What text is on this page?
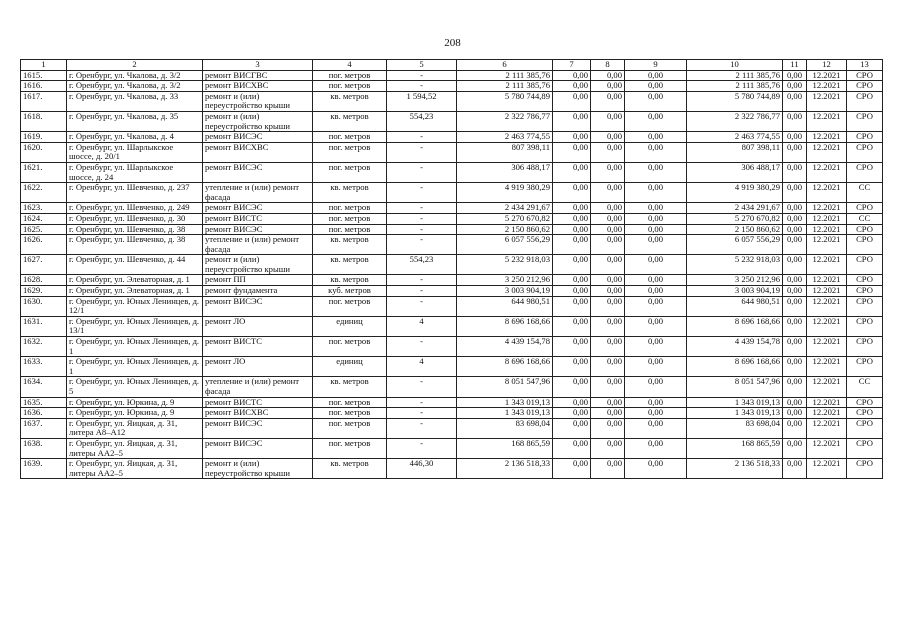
208
1	2	3	4	5	6	7	8	9	10	11	12	13
1615.	г. Оренбург, ул. Чкалова, д. 3/2	ремонт ВИСГВС	пог. метров	-	2 111 385,76	0,00	0,00	0,00	2 111 385,76	0,00	12.2021	СРО
1616.	г. Оренбург, ул. Чкалова, д. 3/2	ремонт ВИСХВС	пог. метров	-	2 111 385,76	0,00	0,00	0,00	2 111 385,76	0,00	12.2021	СРО
1617.	г. Оренбург, ул. Чкалова, д. 33	ремонт и (или) переустройство крыши	кв. метров	1 594,52	5 780 744,89	0,00	0,00	0,00	5 780 744,89	0,00	12.2021	СРО
1618.	г. Оренбург, ул. Чкалова, д. 35	ремонт и (или) переустройство крыши	кв. метров	554,23	2 322 786,77	0,00	0,00	0,00	2 322 786,77	0,00	12.2021	СРО
1619.	г. Оренбург, ул. Чкалова, д. 4	ремонт ВИСЭС	пог. метров	-	2 463 774,55	0,00	0,00	0,00	2 463 774,55	0,00	12.2021	СРО
1620.	г. Оренбург, ул. Шарлыкское шоссе, д. 20/1	ремонт ВИСХВС	пог. метров	-	807 398,11	0,00	0,00	0,00	807 398,11	0,00	12.2021	СРО
1621.	г. Оренбург, ул. Шарлыкское шоссе, д. 24	ремонт ВИСЭС	пог. метров	-	306 488,17	0,00	0,00	0,00	306 488,17	0,00	12.2021	СРО
1622.	г. Оренбург, ул. Шевченко, д. 237	утепление и (или) ремонт фасада	кв. метров	-	4 919 380,29	0,00	0,00	0,00	4 919 380,29	0,00	12.2021	СС
1623.	г. Оренбург, ул. Шевченко, д. 249	ремонт ВИСЭС	пог. метров	-	2 434 291,67	0,00	0,00	0,00	2 434 291,67	0,00	12.2021	СРО
1624.	г. Оренбург, ул. Шевченко, д. 30	ремонт ВИСТС	пог. метров	-	5 270 670,82	0,00	0,00	0,00	5 270 670,82	0,00	12.2021	СС
1625.	г. Оренбург, ул. Шевченко, д. 38	ремонт ВИСЭС	пог. метров	-	2 150 860,62	0,00	0,00	0,00	2 150 860,62	0,00	12.2021	СРО
1626.	г. Оренбург, ул. Шевченко, д. 38	утепление и (или) ремонт фасада	кв. метров	-	6 057 556,29	0,00	0,00	0,00	6 057 556,29	0,00	12.2021	СРО
1627.	г. Оренбург, ул. Шевченко, д. 44	ремонт и (или) переустройство крыши	кв. метров	554,23	5 232 918,03	0,00	0,00	0,00	5 232 918,03	0,00	12.2021	СРО
1628.	г. Оренбург, ул. Элеваторная, д. 1	ремонт ПП	кв. метров	-	3 250 212,96	0,00	0,00	0,00	3 250 212,96	0,00	12.2021	СРО
1629.	г. Оренбург, ул. Элеваторная, д. 1	ремонт фундамента	куб. метров	-	3 003 904,19	0,00	0,00	0,00	3 003 904,19	0,00	12.2021	СРО
1630.	г. Оренбург, ул. Юных Ленинцев, д. 12/1	ремонт ВИСЭС	пог. метров	-	644 980,51	0,00	0,00	0,00	644 980,51	0,00	12.2021	СРО
1631.	г. Оренбург, ул. Юных Ленинцев, д. 13/1	ремонт ЛО	единиц	4	8 696 168,66	0,00	0,00	0,00	8 696 168,66	0,00	12.2021	СРО
1632.	г. Оренбург, ул. Юных Ленинцев, д. 1	ремонт ВИСТС	пог. метров	-	4 439 154,78	0,00	0,00	0,00	4 439 154,78	0,00	12.2021	СРО
1633.	г. Оренбург, ул. Юных Ленинцев, д. 1	ремонт ЛО	единиц	4	8 696 168,66	0,00	0,00	0,00	8 696 168,66	0,00	12.2021	СРО
1634.	г. Оренбург, ул. Юных Ленинцев, д. 5	утепление и (или) ремонт фасада	кв. метров	-	8 051 547,96	0,00	0,00	0,00	8 051 547,96	0,00	12.2021	СС
1635.	г. Оренбург, ул. Юркина, д. 9	ремонт ВИСТС	пог. метров	-	1 343 019,13	0,00	0,00	0,00	1 343 019,13	0,00	12.2021	СРО
1636.	г. Оренбург, ул. Юркина, д. 9	ремонт ВИСХВС	пог. метров	-	1 343 019,13	0,00	0,00	0,00	1 343 019,13	0,00	12.2021	СРО
1637.	г. Оренбург, ул. Яицкая, д. 31, литера А8–А12	ремонт ВИСЭС	пог. метров	-	83 698,04	0,00	0,00	0,00	83 698,04	0,00	12.2021	СРО
1638.	г. Оренбург, ул. Яицкая, д. 31, литеры АА2–5	ремонт ВИСЭС	пог. метров	-	168 865,59	0,00	0,00	0,00	168 865,59	0,00	12.2021	СРО
1639.	г. Оренбург, ул. Яицкая, д. 31, литеры АА2–5	ремонт и (или) переустройство крыши	кв. метров	446,30	2 136 518,33	0,00	0,00	0,00	2 136 518,33	0,00	12.2021	СРО
